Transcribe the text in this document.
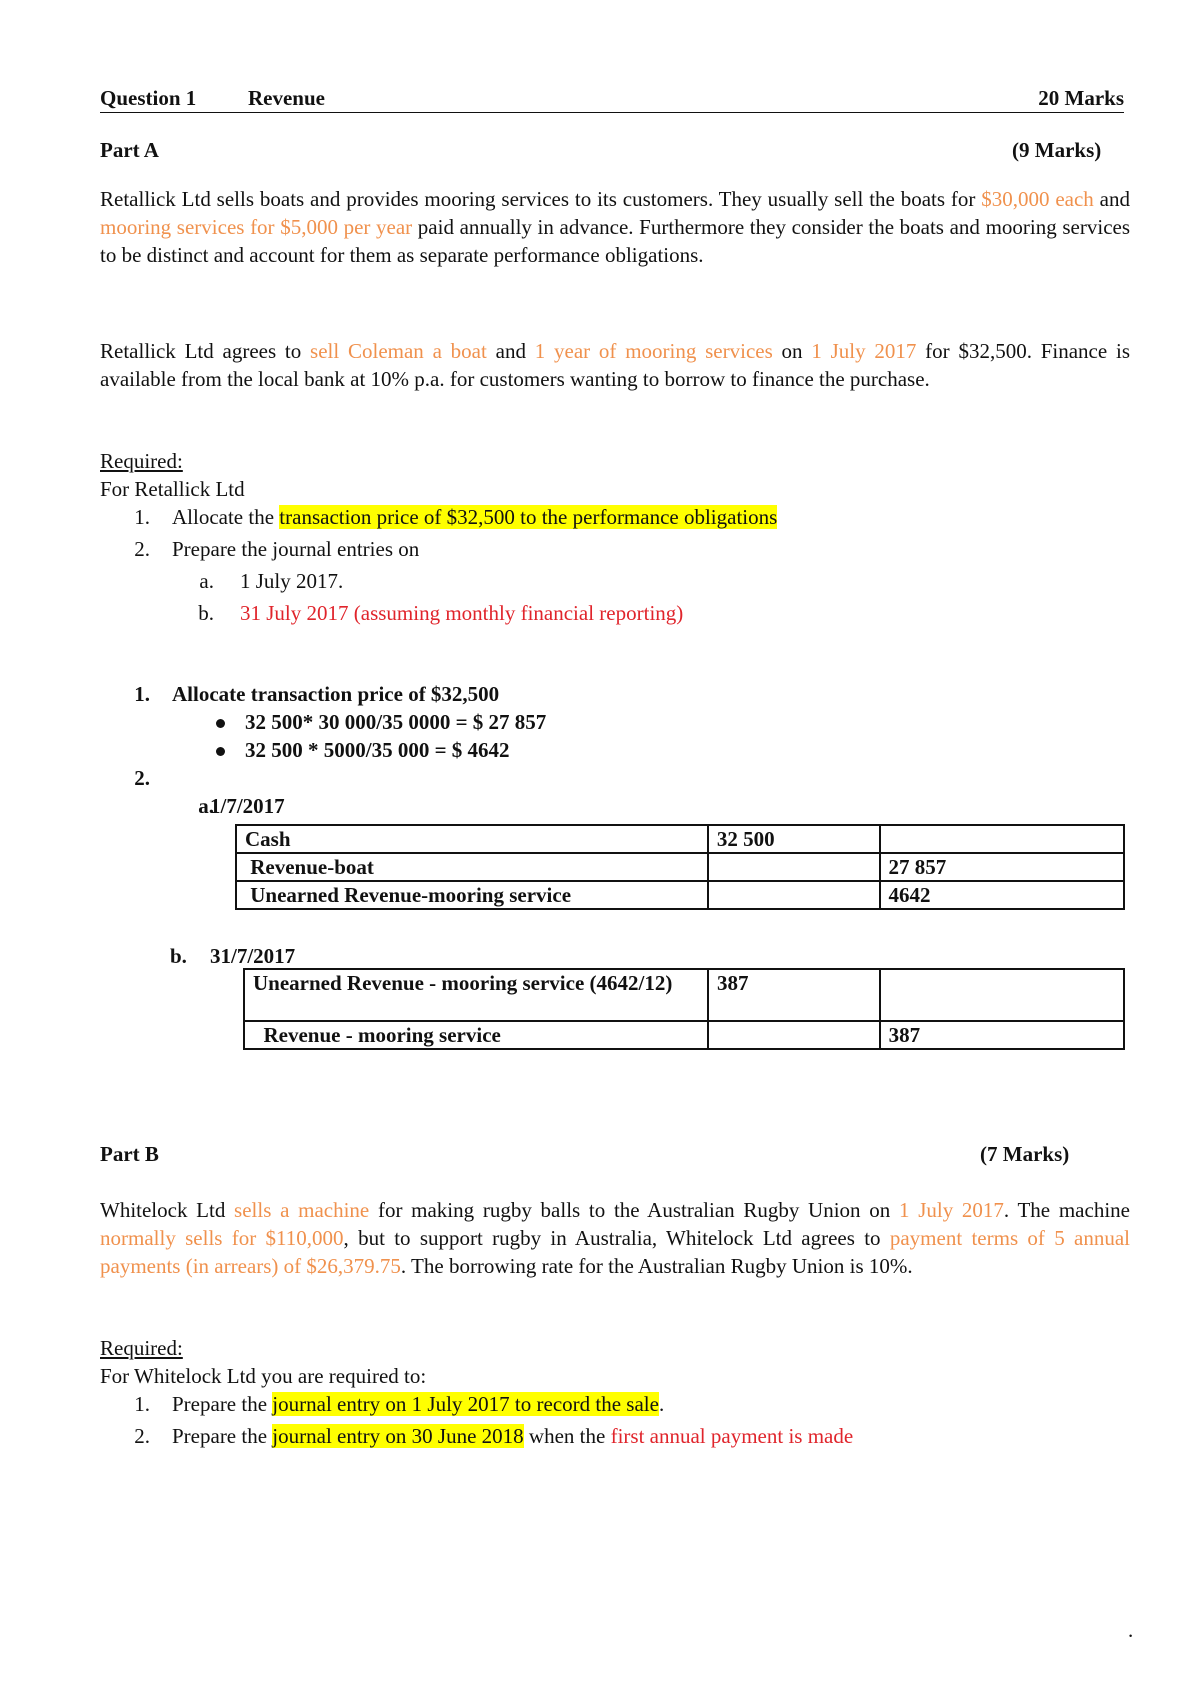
Question 1 Revenue	20 Marks
Part A	(9 Marks)
Retallick Ltd sells boats and provides mooring services to its customers. They usually sell the boats for $30,000 each and mooring services for $5,000 per year paid annually in advance. Furthermore they consider the boats and mooring services to be distinct and account for them as separate performance obligations.
Retallick Ltd agrees to sell Coleman a boat and 1 year of mooring services on 1 July 2017 for $32,500. Finance is available from the local bank at 10% p.a. for customers wanting to borrow to finance the purchase.
Required:
For Retallick Ltd
1. Allocate the transaction price of $32,500 to the performance obligations
2. Prepare the journal entries on
a. 1 July 2017.
b. 31 July 2017 (assuming monthly financial reporting)
1. Allocate transaction price of $32,500
32 500* 30 000/35 0000 = $ 27 857
32 500 * 5000/35 000 = $ 4642
2.
a.
1/7/2017
Cash	32 500	
Revenue-boat		27 857
Unearned Revenue-mooring service		4642
b. 31/7/2017
Unearned Revenue - mooring service (4642/12)	387	
Revenue - mooring service		387
Part B	(7 Marks)
Whitelock Ltd sells a machine for making rugby balls to the Australian Rugby Union on 1 July 2017. The machine normally sells for $110,000, but to support rugby in Australia, Whitelock Ltd agrees to payment terms of 5 annual payments (in arrears) of $26,379.75. The borrowing rate for the Australian Rugby Union is 10%.
Required:
For Whitelock Ltd you are required to:
1. Prepare the journal entry on 1 July 2017 to record the sale.
2. Prepare the journal entry on 30 June 2018 when the first annual payment is made
.
